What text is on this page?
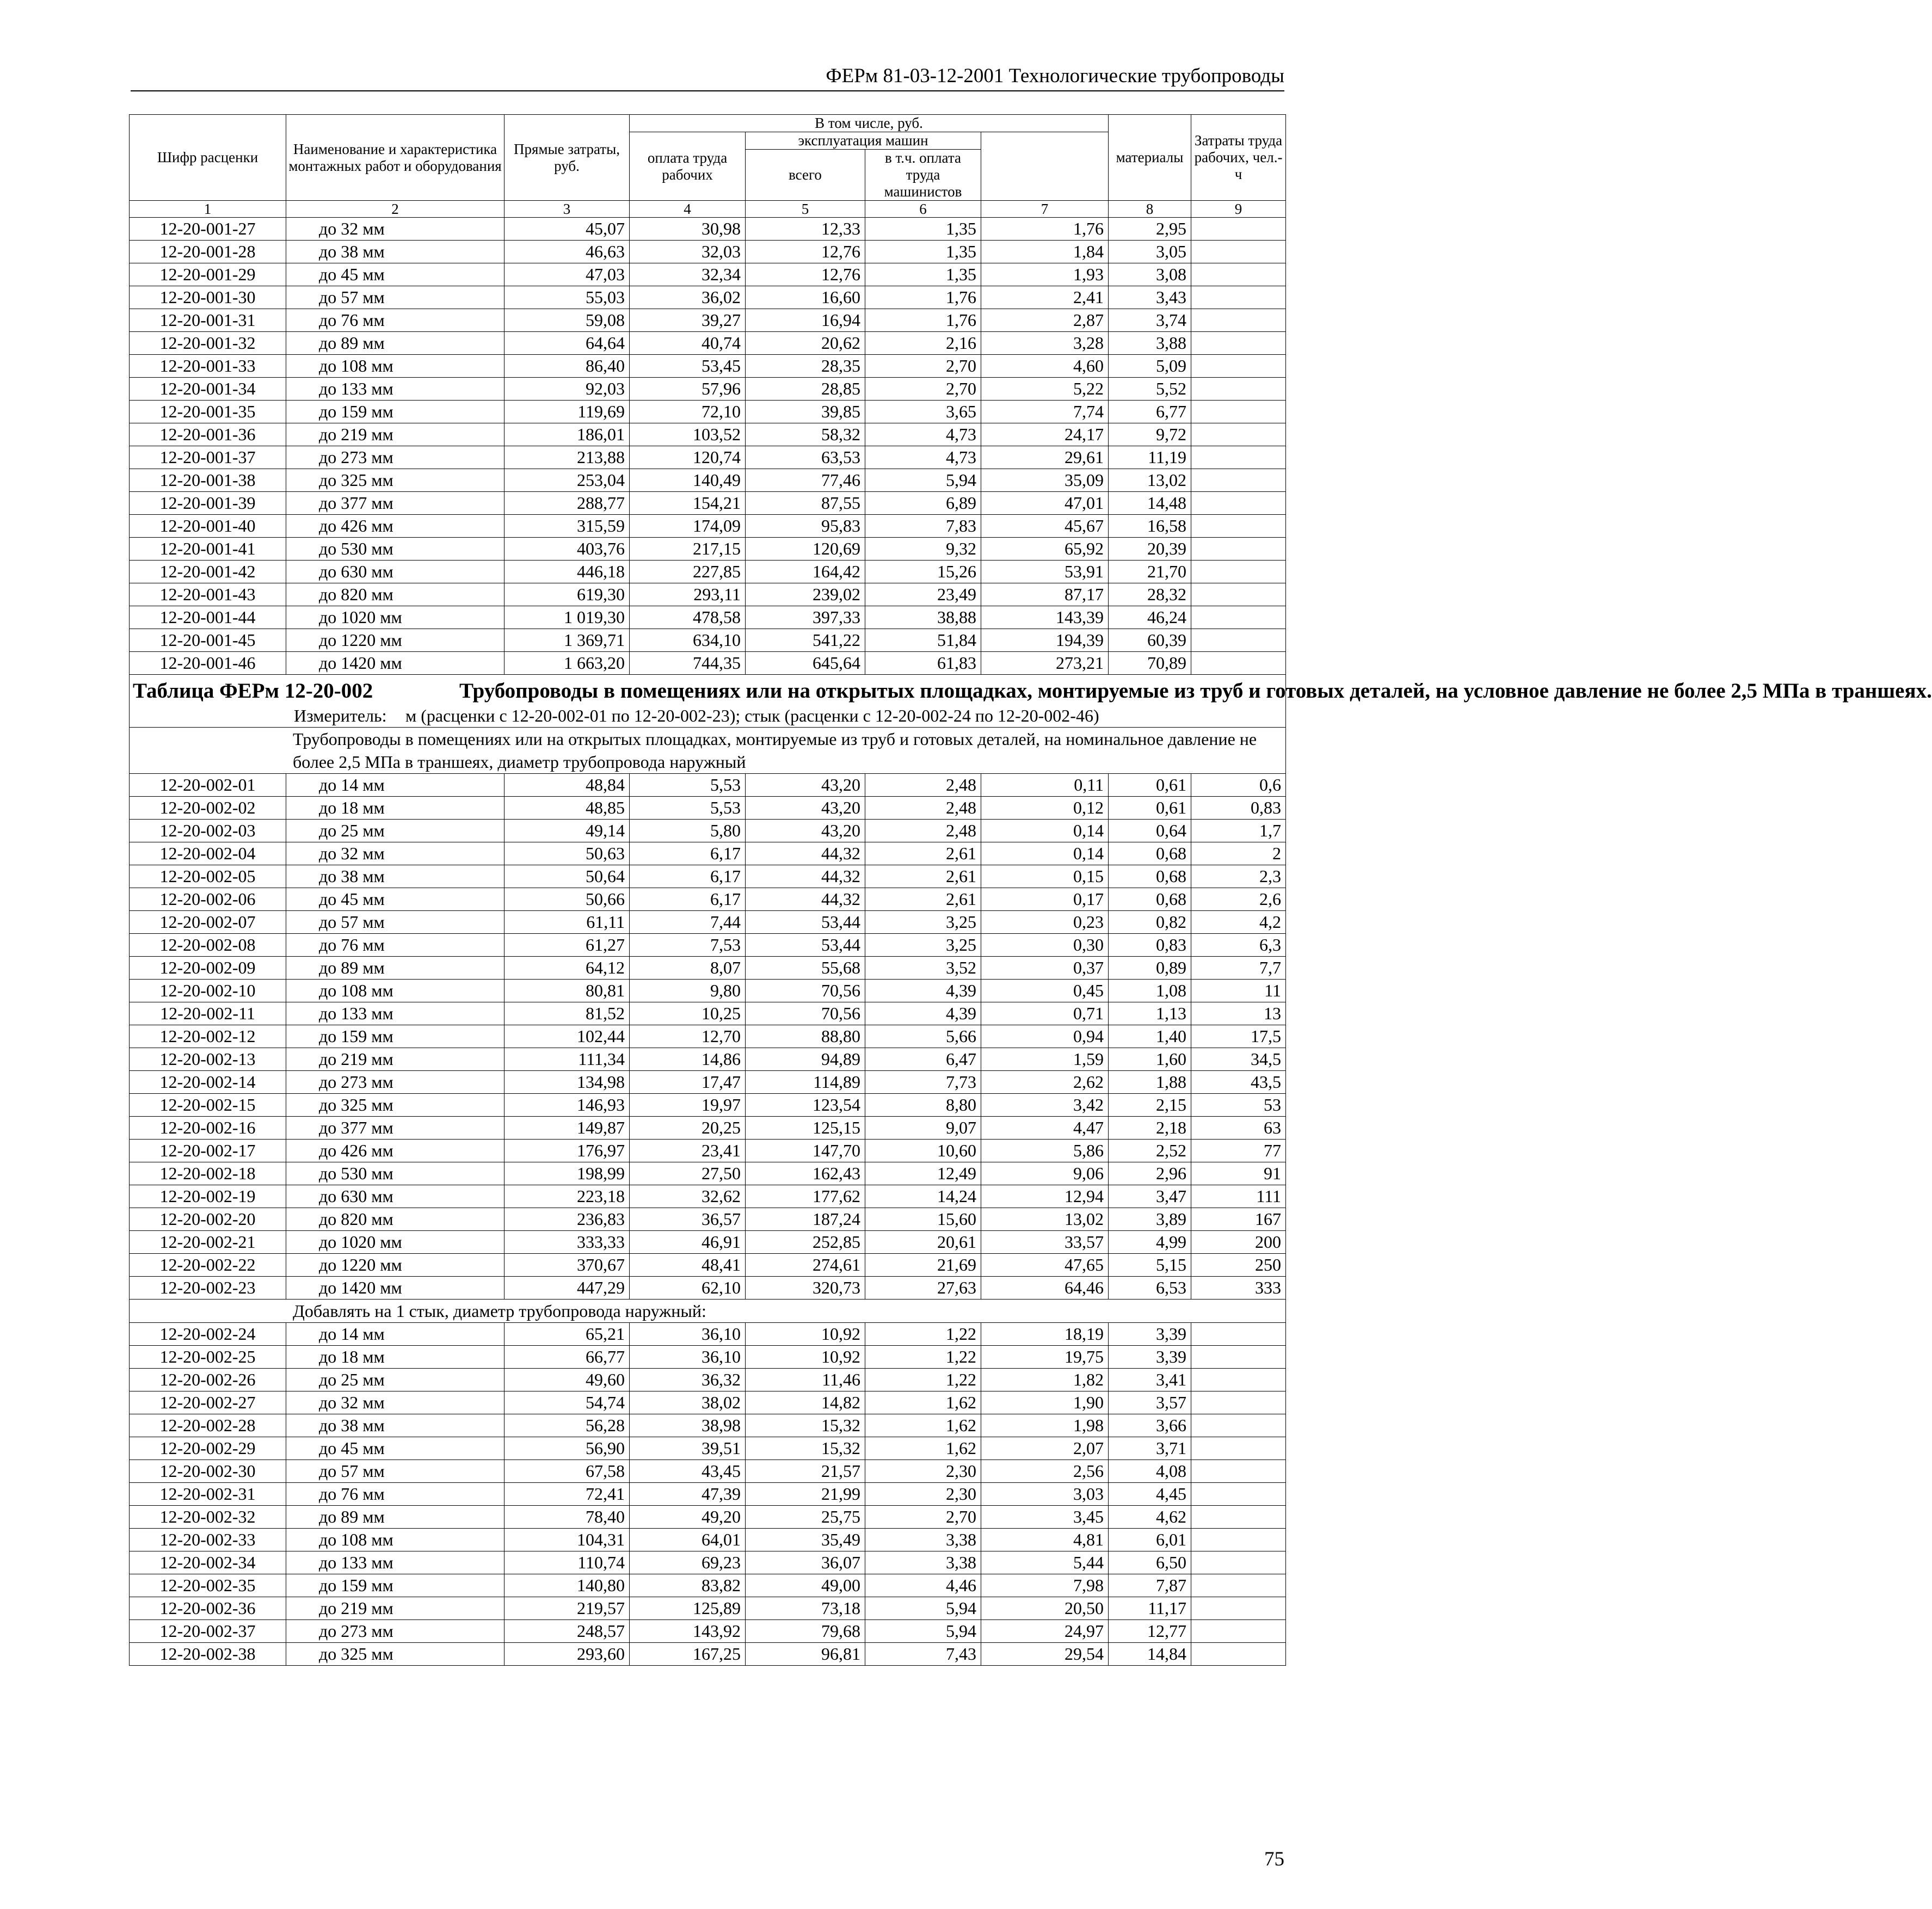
ФЕРм 81-03-12-2001 Технологические трубопроводы
Шифр расценки	Наименование и характеристика монтажных работ и оборудования	Прямые затраты, руб.	В том числе, руб.				материалы	Затраты труда рабочих, чел.-ч	
			оплата труда рабочих	эксплуатация машин					
				всего	в т.ч. оплата труда машинистов				

1	2	3	4	5	6	7	8	9	
12-20-001-27	до 32 мм	45,07	30,98	12,33	1,35	1,76	2,95		
12-20-001-28	до 38 мм	46,63	32,03	12,76	1,35	1,84	3,05		
12-20-001-29	до 45 мм	47,03	32,34	12,76	1,35	1,93	3,08		
12-20-001-30	до 57 мм	55,03	36,02	16,60	1,76	2,41	3,43		
12-20-001-31	до 76 мм	59,08	39,27	16,94	1,76	2,87	3,74		
12-20-001-32	до 89 мм	64,64	40,74	20,62	2,16	3,28	3,88		
12-20-001-33	до 108 мм	86,40	53,45	28,35	2,70	4,60	5,09		
12-20-001-34	до 133 мм	92,03	57,96	28,85	2,70	5,22	5,52		
12-20-001-35	до 159 мм	119,69	72,10	39,85	3,65	7,74	6,77		
12-20-001-36	до 219 мм	186,01	103,52	58,32	4,73	24,17	9,72		
12-20-001-37	до 273 мм	213,88	120,74	63,53	4,73	29,61	11,19		
12-20-001-38	до 325 мм	253,04	140,49	77,46	5,94	35,09	13,02		
12-20-001-39	до 377 мм	288,77	154,21	87,55	6,89	47,01	14,48		
12-20-001-40	до 426 мм	315,59	174,09	95,83	7,83	45,67	16,58		
12-20-001-41	до 530 мм	403,76	217,15	120,69	9,32	65,92	20,39		
12-20-001-42	до 630 мм	446,18	227,85	164,42	15,26	53,91	21,70		
12-20-001-43	до 820 мм	619,30	293,11	239,02	23,49	87,17	28,32		
12-20-001-44	до 1020 мм	1 019,30	478,58	397,33	38,88	143,39	46,24		
12-20-001-45	до 1220 мм	1 369,71	634,10	541,22	51,84	194,39	60,39		
12-20-001-46	до 1420 мм	1 663,20	744,35	645,64	61,83	273,21	70,89		

Таблица ФЕРм 12-20-002 Трубопроводы в помещениях или на открытых площадках, монтируемые из труб и готовых деталей, на условное давление не более 2,5 МПа в траншеях.
Измеритель: м (расценки с 12-20-002-01 по 12-20-002-23); стык (расценки с 12-20-002-24 по 12-20-002-46)									

Трубопроводы в помещениях или на открытых площадках, монтируемые из труб и готовых деталей, на номинальное давление не более 2,5 МПа в траншеях, диаметр трубопровода наружный									
12-20-002-01	до 14 мм	48,84	5,53	43,20	2,48	0,11	0,61	0,6	
12-20-002-02	до 18 мм	48,85	5,53	43,20	2,48	0,12	0,61	0,83	
12-20-002-03	до 25 мм	49,14	5,80	43,20	2,48	0,14	0,64	1,7	
12-20-002-04	до 32 мм	50,63	6,17	44,32	2,61	0,14	0,68	2	
12-20-002-05	до 38 мм	50,64	6,17	44,32	2,61	0,15	0,68	2,3	
12-20-002-06	до 45 мм	50,66	6,17	44,32	2,61	0,17	0,68	2,6	
12-20-002-07	до 57 мм	61,11	7,44	53,44	3,25	0,23	0,82	4,2	
12-20-002-08	до 76 мм	61,27	7,53	53,44	3,25	0,30	0,83	6,3	
12-20-002-09	до 89 мм	64,12	8,07	55,68	3,52	0,37	0,89	7,7	
12-20-002-10	до 108 мм	80,81	9,80	70,56	4,39	0,45	1,08	11	
12-20-002-11	до 133 мм	81,52	10,25	70,56	4,39	0,71	1,13	13	
12-20-002-12	до 159 мм	102,44	12,70	88,80	5,66	0,94	1,40	17,5	
12-20-002-13	до 219 мм	111,34	14,86	94,89	6,47	1,59	1,60	34,5	
12-20-002-14	до 273 мм	134,98	17,47	114,89	7,73	2,62	1,88	43,5	
12-20-002-15	до 325 мм	146,93	19,97	123,54	8,80	3,42	2,15	53	
12-20-002-16	до 377 мм	149,87	20,25	125,15	9,07	4,47	2,18	63	
12-20-002-17	до 426 мм	176,97	23,41	147,70	10,60	5,86	2,52	77	
12-20-002-18	до 530 мм	198,99	27,50	162,43	12,49	9,06	2,96	91	
12-20-002-19	до 630 мм	223,18	32,62	177,62	14,24	12,94	3,47	111	
12-20-002-20	до 820 мм	236,83	36,57	187,24	15,60	13,02	3,89	167	
12-20-002-21	до 1020 мм	333,33	46,91	252,85	20,61	33,57	4,99	200	
12-20-002-22	до 1220 мм	370,67	48,41	274,61	21,69	47,65	5,15	250	
12-20-002-23	до 1420 мм	447,29	62,10	320,73	27,63	64,46	6,53	333	
Добавлять на 1 стык, диаметр трубопровода наружный:									
12-20-002-24	до 14 мм	65,21	36,10	10,92	1,22	18,19	3,39		
12-20-002-25	до 18 мм	66,77	36,10	10,92	1,22	19,75	3,39		
12-20-002-26	до 25 мм	49,60	36,32	11,46	1,22	1,82	3,41		
12-20-002-27	до 32 мм	54,74	38,02	14,82	1,62	1,90	3,57		
12-20-002-28	до 38 мм	56,28	38,98	15,32	1,62	1,98	3,66		
12-20-002-29	до 45 мм	56,90	39,51	15,32	1,62	2,07	3,71		
12-20-002-30	до 57 мм	67,58	43,45	21,57	2,30	2,56	4,08		
12-20-002-31	до 76 мм	72,41	47,39	21,99	2,30	3,03	4,45		
12-20-002-32	до 89 мм	78,40	49,20	25,75	2,70	3,45	4,62		
12-20-002-33	до 108 мм	104,31	64,01	35,49	3,38	4,81	6,01		
12-20-002-34	до 133 мм	110,74	69,23	36,07	3,38	5,44	6,50		
12-20-002-35	до 159 мм	140,80	83,82	49,00	4,46	7,98	7,87		
12-20-002-36	до 219 мм	219,57	125,89	73,18	5,94	20,50	11,17		
12-20-002-37	до 273 мм	248,57	143,92	79,68	5,94	24,97	12,77		
12-20-002-38	до 325 мм	293,60	167,25	96,81	7,43	29,54	14,84		
75
